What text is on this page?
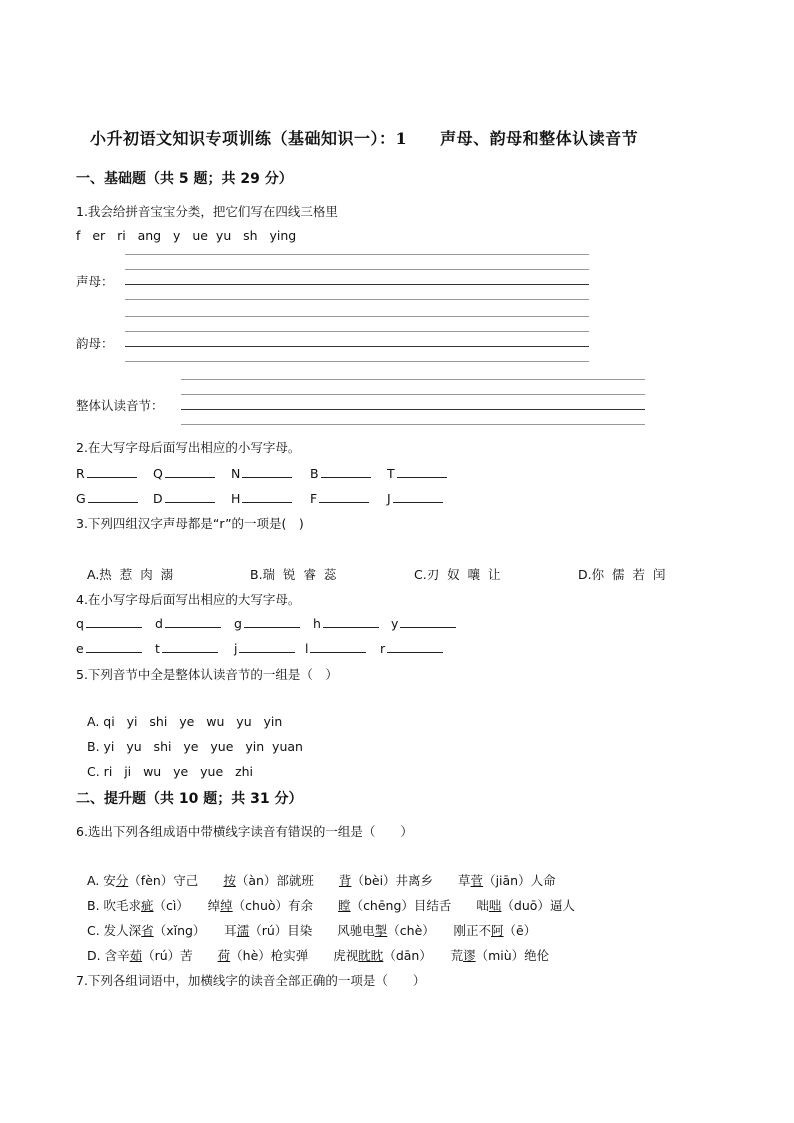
小升初语文知识专项训练（基础知识一）：1　　声母、韵母和整体认读音节
一、基础题（共 5 题；共 29 分）
1.我会给拼音宝宝分类，把它们写在四线三格里
f   er   ri   ang   y   ue  yu   sh   ying
声母：
韵母：
整体认读音节：
2.在大写字母后面写出相应的小写字母。
R	Q	N	B	T
G	D	H	F	J
3.下列四组汉字声母都是“r”的一项是(　)
A.热  惹  肉  溺	B.瑞  锐  睿  蕊	C.刃  奴  嚷  让	D.你  儒  若  闰
4.在小写字母后面写出相应的大写字母。
q	d	g	h	y
e	t	j	l	r
5.下列音节中全是整体认读音节的一组是（　）
A. qi   yi   shi   ye   wu   yu   yin
B. yi   yu   shi   ye   yue   yin  yuan
C. ri   ji   wu   ye   yue   zhi
二、提升题（共 10 题；共 31 分）
6.选出下列各组成语中带横线字读音有错误的一组是（　　）
A. 安分（fèn）守己　　按（àn）部就班　　背（bèi）井离乡　　草菅（jiān）人命
B. 吹毛求疵（cì）　　绰绰（chuò）有余　　瞠（chēng）目结舌　　咄咄（duō）逼人
C. 发人深省（xǐng）　　耳濡（rú）目染　　风驰电掣（chè）　　刚正不阿（ē）
D. 含辛茹（rú）苦　　荷（hè）枪实弹　　虎视眈眈（dān）　　荒谬（miù）绝伦
7.下列各组词语中，加横线字的读音全部正确的一项是（　　）
